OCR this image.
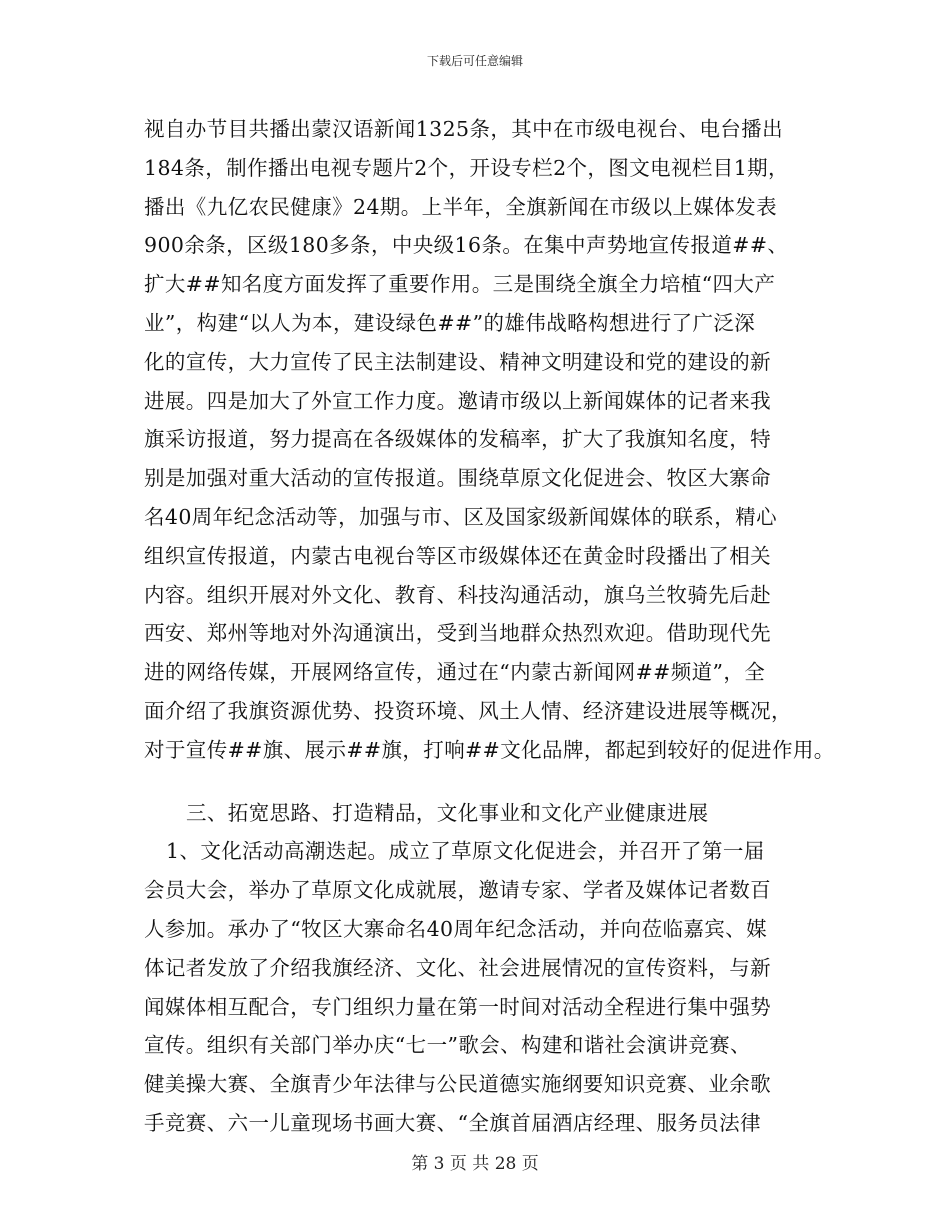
下载后可任意编辑
视自办节目共播出蒙汉语新闻1325条，其中在市级电视台、电台播出
184条，制作播出电视专题片2个，开设专栏2个，图文电视栏目1期，
播出《九亿农民健康》24期。上半年，全旗新闻在市级以上媒体发表
900余条，区级180多条，中央级16条。在集中声势地宣传报道##、
扩大##知名度方面发挥了重要作用。三是围绕全旗全力培植“四大产
业”，构建“以人为本，建设绿色##”的雄伟战略构想进行了广泛深
化的宣传，大力宣传了民主法制建设、精神文明建设和党的建设的新
进展。四是加大了外宣工作力度。邀请市级以上新闻媒体的记者来我
旗采访报道，努力提高在各级媒体的发稿率，扩大了我旗知名度，特
别是加强对重大活动的宣传报道。围绕草原文化促进会、牧区大寨命
名40周年纪念活动等，加强与市、区及国家级新闻媒体的联系，精心
组织宣传报道，内蒙古电视台等区市级媒体还在黄金时段播出了相关
内容。组织开展对外文化、教育、科技沟通活动，旗乌兰牧骑先后赴
西安、郑州等地对外沟通演出，受到当地群众热烈欢迎。借助现代先
进的网络传媒，开展网络宣传，通过在“内蒙古新闻网##频道”，全
面介绍了我旗资源优势、投资环境、风土人情、经济建设进展等概况，
对于宣传##旗、展示##旗，打响##文化品牌，都起到较好的促进作用。
三、拓宽思路、打造精品，文化事业和文化产业健康进展
1、文化活动高潮迭起。成立了草原文化促进会，并召开了第一届
会员大会，举办了草原文化成就展，邀请专家、学者及媒体记者数百
人参加。承办了“牧区大寨命名40周年纪念活动，并向莅临嘉宾、媒
体记者发放了介绍我旗经济、文化、社会进展情况的宣传资料，与新
闻媒体相互配合，专门组织力量在第一时间对活动全程进行集中强势
宣传。组织有关部门举办庆“七一”歌会、构建和谐社会演讲竞赛、
健美操大赛、全旗青少年法律与公民道德实施纲要知识竞赛、业余歌
手竞赛、六一儿童现场书画大赛、“全旗首届酒店经理、服务员法律
第 3 页 共 28 页
